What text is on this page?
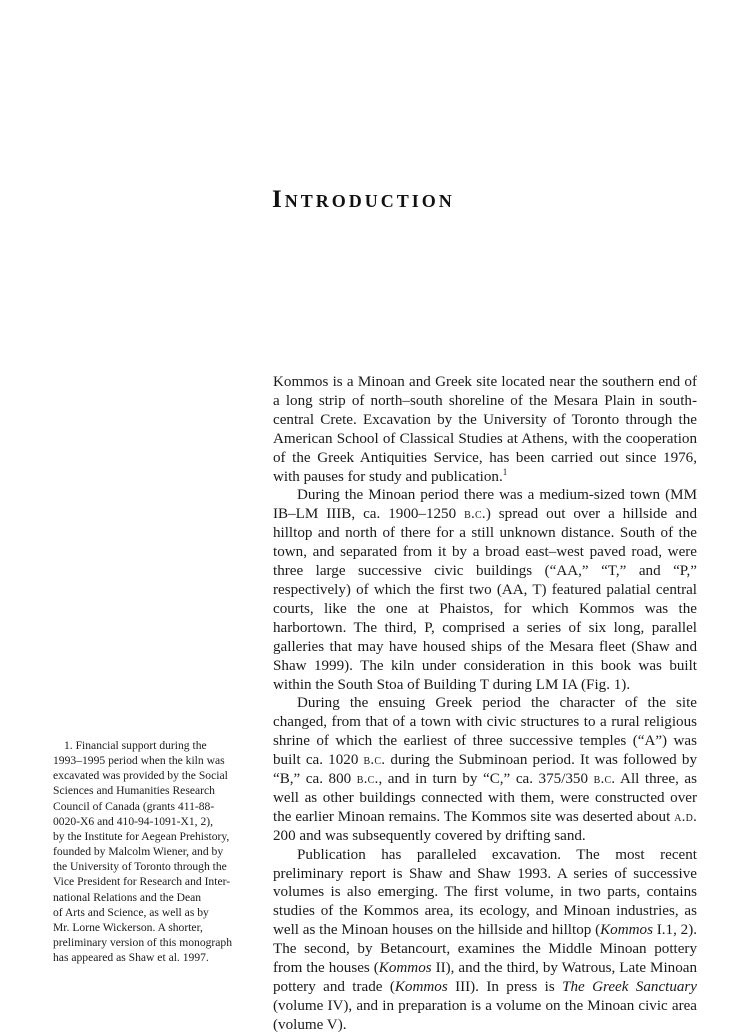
Introduction

Kommos is a Minoan and Greek site located near the southern end of a long strip of north–south shoreline of the Mesara Plain in south-central Crete. Excavation by the University of Toronto through the American School of Classical Studies at Athens, with the cooperation of the Greek Antiquities Service, has been carried out since 1976, with pauses for study and publication.$^1$

During the Minoan period there was a medium-sized town (MM IB–LM IIIB, ca. 1900–1250 b.c.) spread out over a hillside and hilltop and north of there for a still unknown distance. South of the town, and separated from it by a broad east–west paved road, were three large successive civic buildings (“AA,” “T,” and “P,” respectively) of which the first two (AA, T) featured palatial central courts, like the one at Phaistos, for which Kommos was the harbortown. The third, P, comprised a series of six long, parallel galleries that may have housed ships of the Mesara fleet (Shaw and Shaw 1999). The kiln under consideration in this book was built within the South Stoa of Building T during LM IA (Fig. 1).

During the ensuing Greek period the character of the site changed, from that of a town with civic structures to a rural religious shrine of which the earliest of three successive temples (“A”) was built ca. 1020 b.c. during the Subminoan period. It was followed by “B,” ca. 800 b.c., and in turn by “C,” ca. 375/350 b.c. All three, as well as other buildings connected with them, were constructed over the earlier Minoan remains. The Kommos site was deserted about a.d. 200 and was subsequently covered by drifting sand.

Publication has paralleled excavation. The most recent preliminary report is Shaw and Shaw 1993. A series of successive volumes is also emerging. The first volume, in two parts, contains studies of the Kommos area, its ecology, and Minoan industries, as well as the Minoan houses on the hillside and hilltop (Kommos I.1, 2). The second, by Betancourt, examines the Middle Minoan pottery from the houses (Kommos II), and the third, by Watrous, Late Minoan pottery and trade (Kommos III). In press is The Greek Sanctuary (volume IV), and in preparation is a volume on the Minoan civic area (volume V).

1. Financial support during the
1993–1995 period when the kiln was
excavated was provided by the Social
Sciences and Humanities Research
Council of Canada (grants 411-88-
0020-X6 and 410-94-1091-X1, 2),
by the Institute for Aegean Prehistory,
founded by Malcolm Wiener, and by
the University of Toronto through the
Vice President for Research and Inter-
national Relations and the Dean
of Arts and Science, as well as by
Mr. Lorne Wickerson. A shorter,
preliminary version of this monograph
has appeared as Shaw et al. 1997.
